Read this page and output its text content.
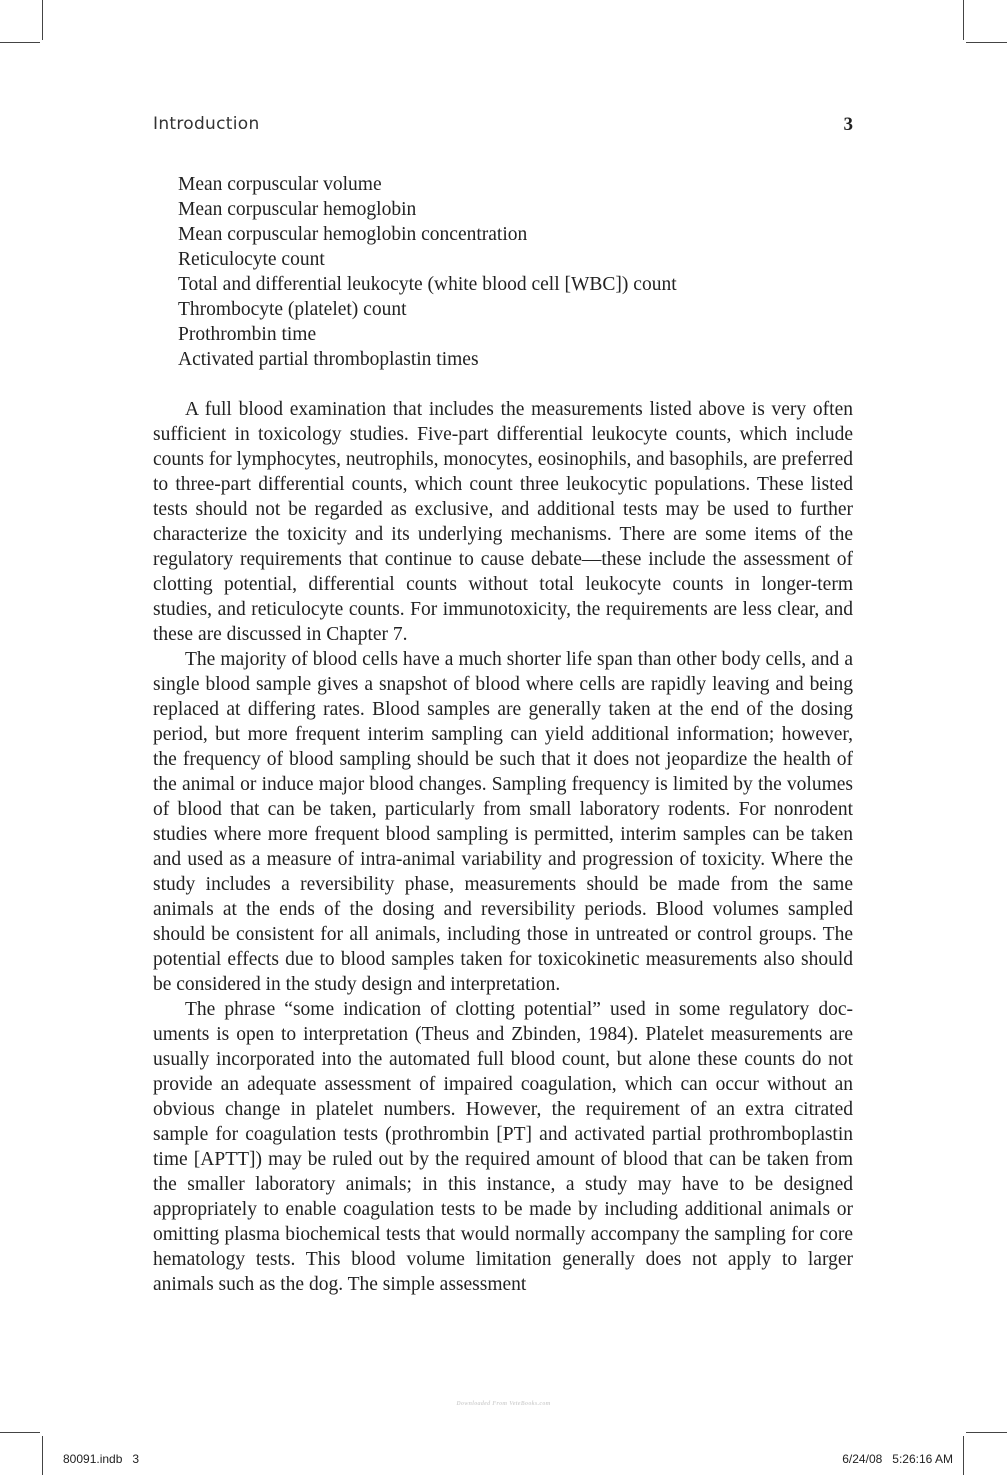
Introduction	3
Mean corpuscular volume
Mean corpuscular hemoglobin
Mean corpuscular hemoglobin concentration
Reticulocyte count
Total and differential leukocyte (white blood cell [WBC]) count
Thrombocyte (platelet) count
Prothrombin time
Activated partial thromboplastin times

A full blood examination that includes the measurements listed above is very often sufficient in toxicology studies. Five-part differential leukocyte counts, which include counts for lymphocytes, neutrophils, monocytes, eosinophils, and basophils, are preferred to three-part differential counts, which count three leukocytic populations. These listed tests should not be regarded as exclusive, and additional tests may be used to further characterize the toxicity and its underlying mechanisms. There are some items of the regulatory requirements that continue to cause debate—these include the assessment of clotting potential, differential counts without total leukocyte counts in longer-term studies, and reticulocyte counts. For immunotoxicity, the requirements are less clear, and these are discussed in Chapter 7.

The majority of blood cells have a much shorter life span than other body cells, and a single blood sample gives a snapshot of blood where cells are rapidly leaving and being replaced at differing rates. Blood samples are generally taken at the end of the dosing period, but more frequent interim sampling can yield additional information; however, the frequency of blood sampling should be such that it does not jeopardize the health of the animal or induce major blood changes. Sampling frequency is limited by the volumes of blood that can be taken, particularly from small laboratory rodents. For nonrodent studies where more frequent blood sampling is permitted, interim samples can be taken and used as a measure of intra-animal variability and progression of toxicity. Where the study includes a reversibility phase, measurements should be made from the same animals at the ends of the dosing and reversibility periods. Blood volumes sampled should be consistent for all animals, including those in untreated or control groups. The potential effects due to blood samples taken for toxicokinetic measurements also should be considered in the study design and interpretation.

The phrase “some indication of clotting potential” used in some regulatory documents is open to interpretation (Theus and Zbinden, 1984). Platelet measurements are usually incorporated into the automated full blood count, but alone these counts do not provide an adequate assessment of impaired coagulation, which can occur without an obvious change in platelet numbers. However, the requirement of an extra citrated sample for coagulation tests (prothrombin [PT] and activated partial prothromboplastin time [APTT]) may be ruled out by the required amount of blood that can be taken from the smaller laboratory animals; in this instance, a study may have to be designed appropriately to enable coagulation tests to be made by including additional animals or omitting plasma biochemical tests that would normally accompany the sampling for core hematology tests. This blood volume limitation generally does not apply to larger animals such as the dog. The simple assessment

Downloaded From VeteBooks.com
80091.indb   3	6/24/08   5:26:16 AM
